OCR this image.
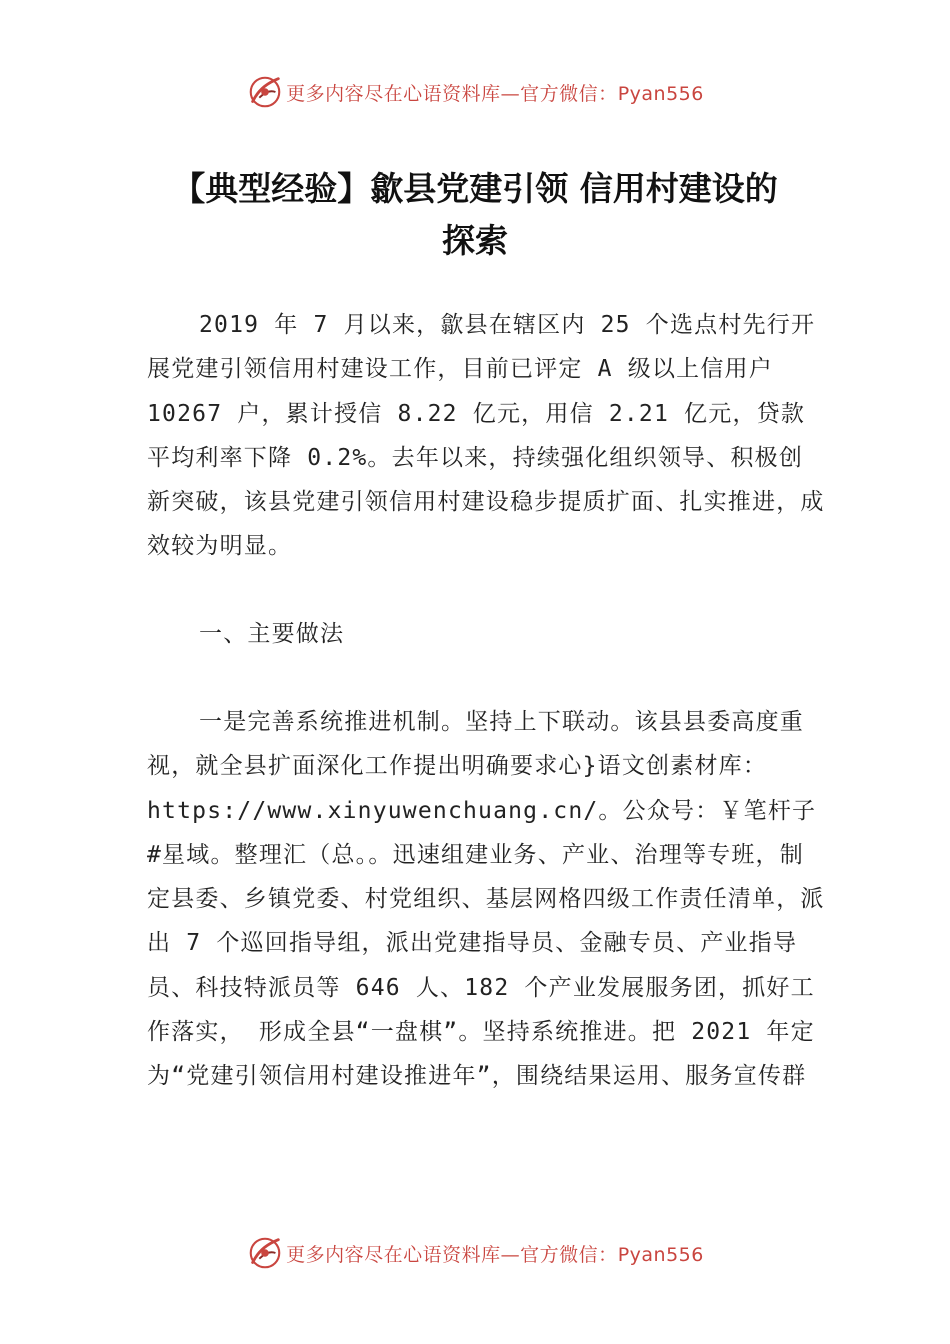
更多内容尽在心语资料库—官方微信：Pyan556
【典型经验】歙县党建引领 信用村建设的
探索

2019 年 7 月以来，歙县在辖区内 25 个选点村先行开展党建引领信用村建设工作，目前已评定 A 级以上信用户 10267 户，累计授信 8.22 亿元，用信 2.21 亿元，贷款平均利率下降 0.2%。去年以来，持续强化组织领导、积极创新突破，该县党建引领信用村建设稳步提质扩面、扎实推进，成效较为明显。

一、主要做法

一是完善系统推进机制。坚持上下联动。该县县委高度重视，就全县扩面深化工作提出明确要求心}语文创素材库：https://www.xinyuwenchuang.cn/。公众号：￥笔杆子#星域。整理汇（总。。迅速组建业务、产业、治理等专班，制定县委、乡镇党委、村党组织、基层网格四级工作责任清单，派出 7 个巡回指导组，派出党建指导员、金融专员、产业指导员、科技特派员等 646 人、182 个产业发展服务团，抓好工作落实， 形成全县“一盘棋”。坚持系统推进。把 2021 年定为“党建引领信用村建设推进年”，围绕结果运用、服务宣传群

更多内容尽在心语资料库—官方微信：Pyan556
